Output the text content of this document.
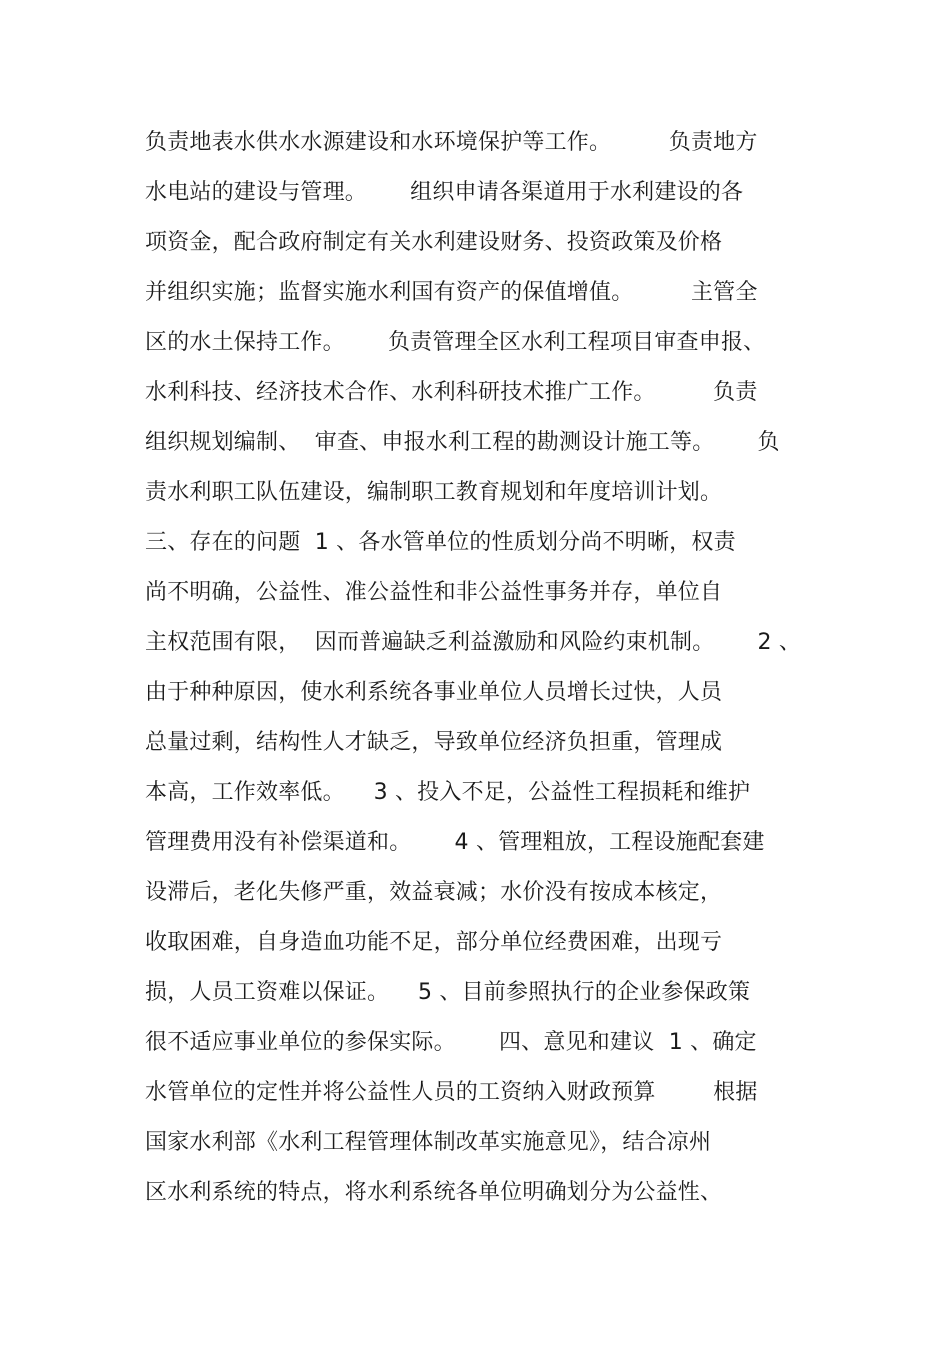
负责地表水供水水源建设和水环境保护等工作。        负责地方
水电站的建设与管理。      组织申请各渠道用于水利建设的各
项资金，配合政府制定有关水利建设财务、投资政策及价格
并组织实施；监督实施水利国有资产的保值增值。        主管全
区的水土保持工作。      负责管理全区水利工程项目审查申报、
水利科技、经济技术合作、水利科研技术推广工作。        负责
组织规划编制、  审查、申报水利工程的勘测设计施工等。      负
责水利职工队伍建设，编制职工教育规划和年度培训计划。
三、存在的问题  1 、各水管单位的性质划分尚不明晰，权责
尚不明确，公益性、准公益性和非公益性事务并存，单位自
主权范围有限，  因而普遍缺乏利益激励和风险约束机制。      2 、
由于种种原因，使水利系统各事业单位人员增长过快，人员
总量过剩，结构性人才缺乏，导致单位经济负担重，管理成
本高，工作效率低。    3 、投入不足，公益性工程损耗和维护
管理费用没有补偿渠道和。      4 、管理粗放，工程设施配套建
设滞后，老化失修严重，效益衰减；水价没有按成本核定，
收取困难，自身造血功能不足，部分单位经费困难，出现亏
损，人员工资难以保证。    5 、目前参照执行的企业参保政策
很不适应事业单位的参保实际。      四、意见和建议  1 、确定
水管单位的定性并将公益性人员的工资纳入财政预算        根据
国家水利部《水利工程管理体制改革实施意见》，结合凉州
区水利系统的特点，将水利系统各单位明确划分为公益性、
